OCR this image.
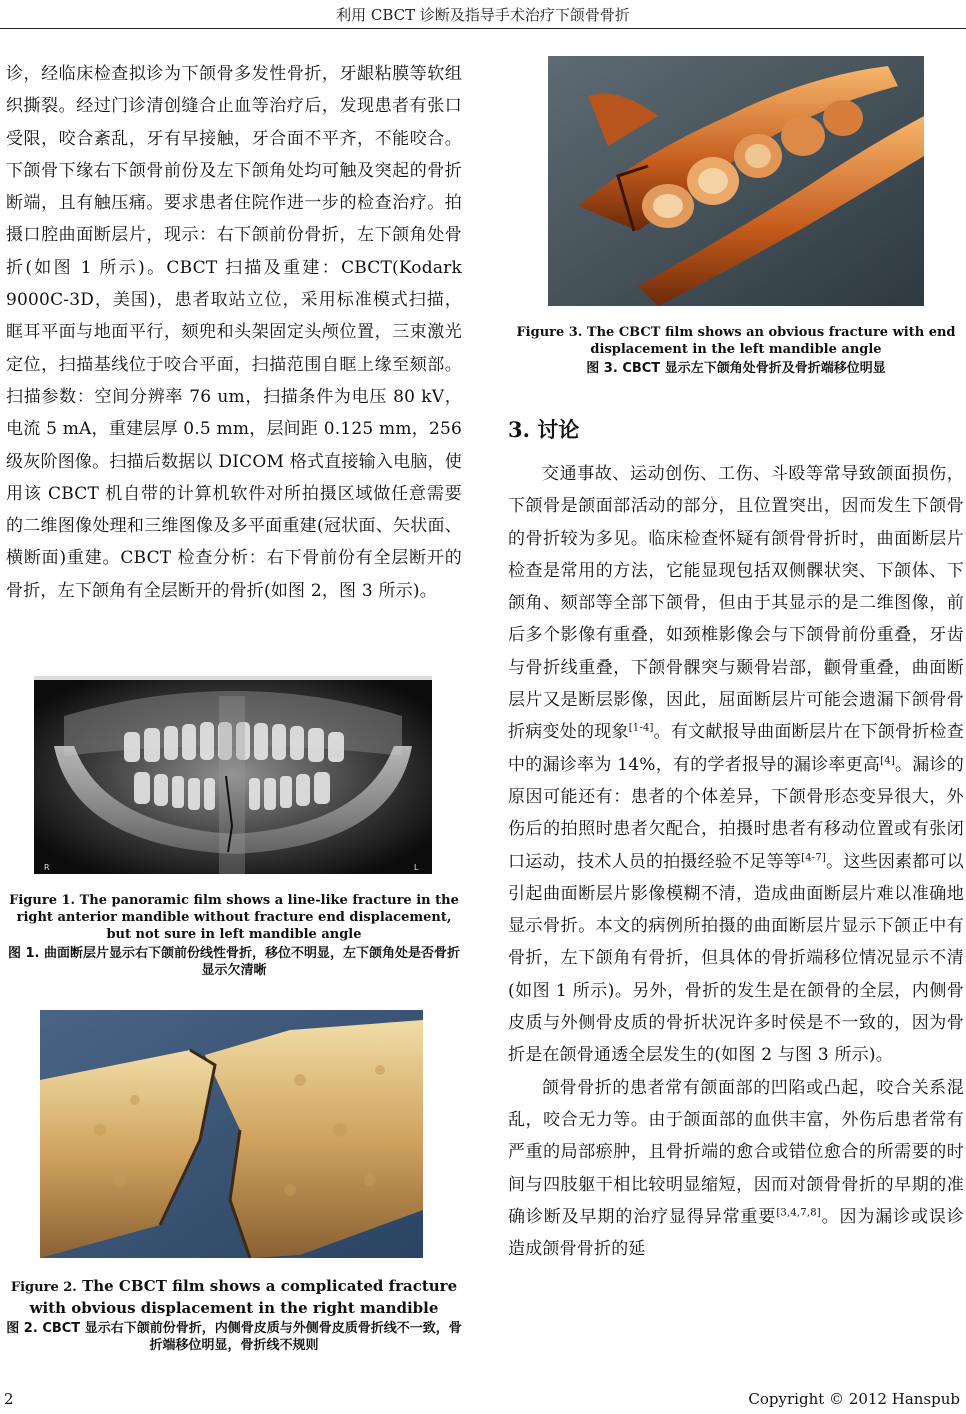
利用 CBCT 诊断及指导手术治疗下颌骨骨折

诊，经临床检查拟诊为下颌骨多发性骨折，牙龈粘膜等软组织撕裂。经过门诊清创缝合止血等治疗后，发现患者有张口受限，咬合紊乱，牙有早接触，牙合面不平齐，不能咬合。下颌骨下缘右下颌骨前份及左下颌角处均可触及突起的骨折断端，且有触压痛。要求患者住院作进一步的检查治疗。拍摄口腔曲面断层片，现示：右下颌前份骨折，左下颌角处骨折(如图 1 所示)。CBCT 扫描及重建：CBCT(Kodark 9000C-3D，美国)，患者取站立位，采用标准模式扫描，眶耳平面与地面平行，颏兜和头架固定头颅位置，三束激光定位，扫描基线位于咬合平面，扫描范围自眶上缘至颏部。扫描参数：空间分辨率 76 um，扫描条件为电压 80 kV，电流 5 mA，重建层厚 0.5 mm，层间距 0.125 mm，256 级灰阶图像。扫描后数据以 DICOM 格式直接输入电脑，使用该 CBCT 机自带的计算机软件对所拍摄区域做任意需要的二维图像处理和三维图像及多平面重建(冠状面、矢状面、横断面)重建。CBCT 检查分析：右下骨前份有全层断开的骨折，左下颌角有全层断开的骨折(如图 2，图 3 所示)。

R	L
Figure 1. The panoramic film shows a line-like fracture in the right anterior mandible without fracture end displacement, but not sure in left mandible angle
图 1. 曲面断层片显示右下颌前份线性骨折，移位不明显，左下颌角处是否骨折显示欠清晰
Figure 2. The CBCT film shows a complicated fracture with obvious displacement in the right mandible
图 2. CBCT 显示右下颌前份骨折，内侧骨皮质与外侧骨皮质骨折线不一致，骨折端移位明显，骨折线不规则
Figure 3. The CBCT film shows an obvious fracture with end displacement in the left mandible angle
图 3. CBCT 显示左下颌角处骨折及骨折端移位明显
3. 讨论

交通事故、运动创伤、工伤、斗殴等常导致颌面损伤，下颌骨是颌面部活动的部分，且位置突出，因而发生下颌骨的骨折较为多见。临床检查怀疑有颌骨骨折时，曲面断层片检查是常用的方法，它能显现包括双侧髁状突、下颌体、下颌角、颏部等全部下颌骨，但由于其显示的是二维图像，前后多个影像有重叠，如颈椎影像会与下颌骨前份重叠，牙齿与骨折线重叠，下颌骨髁突与颞骨岩部，颧骨重叠，曲面断层片又是断层影像，因此，屈面断层片可能会遗漏下颌骨骨折病变处的现象[1-4]。有文献报导曲面断层片在下颌骨折检查中的漏诊率为 14%，有的学者报导的漏诊率更高[4]。漏诊的原因可能还有：患者的个体差异，下颌骨形态变异很大，外伤后的拍照时患者欠配合，拍摄时患者有移动位置或有张闭口运动，技术人员的拍摄经验不足等等[4-7]。这些因素都可以引起曲面断层片影像模糊不清，造成曲面断层片难以准确地显示骨折。本文的病例所拍摄的曲面断层片显示下颌正中有骨折，左下颌角有骨折，但具体的骨折端移位情况显示不清(如图 1 所示)。另外，骨折的发生是在颌骨的全层，内侧骨皮质与外侧骨皮质的骨折状况许多时侯是不一致的，因为骨折是在颌骨通透全层发生的(如图 2 与图 3 所示)。

颌骨骨折的患者常有颌面部的凹陷或凸起，咬合关系混乱，咬合无力等。由于颌面部的血供丰富，外伤后患者常有严重的局部瘀肿，且骨折端的愈合或错位愈合的所需要的时间与四肢躯干相比较明显缩短，因而对颌骨骨折的早期的准确诊断及早期的治疗显得异常重要[3,4,7,8]。因为漏诊或误诊造成颌骨骨折的延

2	Copyright © 2012 Hanspub
